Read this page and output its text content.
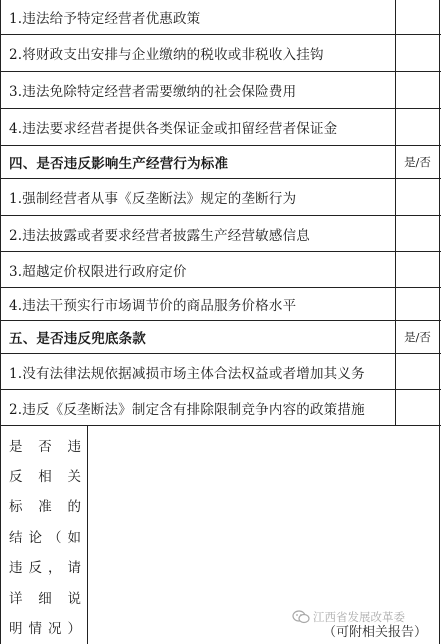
1.违法给予特定经营者优惠政策
2.将财政支出安排与企业缴纳的税收或非税收入挂钩
3.违法免除特定经营者需要缴纳的社会保险费用
4.违法要求经营者提供各类保证金或扣留经营者保证金
四、是否违反影响生产经营行为标准	是/否
1.强制经营者从事《反垄断法》规定的垄断行为
2.违法披露或者要求经营者披露生产经营敏感信息
3.超越定价权限进行政府定价
4.违法干预实行市场调节价的商品服务价格水平
五、是否违反兜底条款	是/否
1.没有法律法规依据减损市场主体合法权益或者增加其义务
2.违反《反垄断法》制定含有排除限制竞争内容的政策措施
是否违
反相关
标准的
结论（如
违反，请
详细说
明情况）	（可附相关报告）
江西省发展改革委
